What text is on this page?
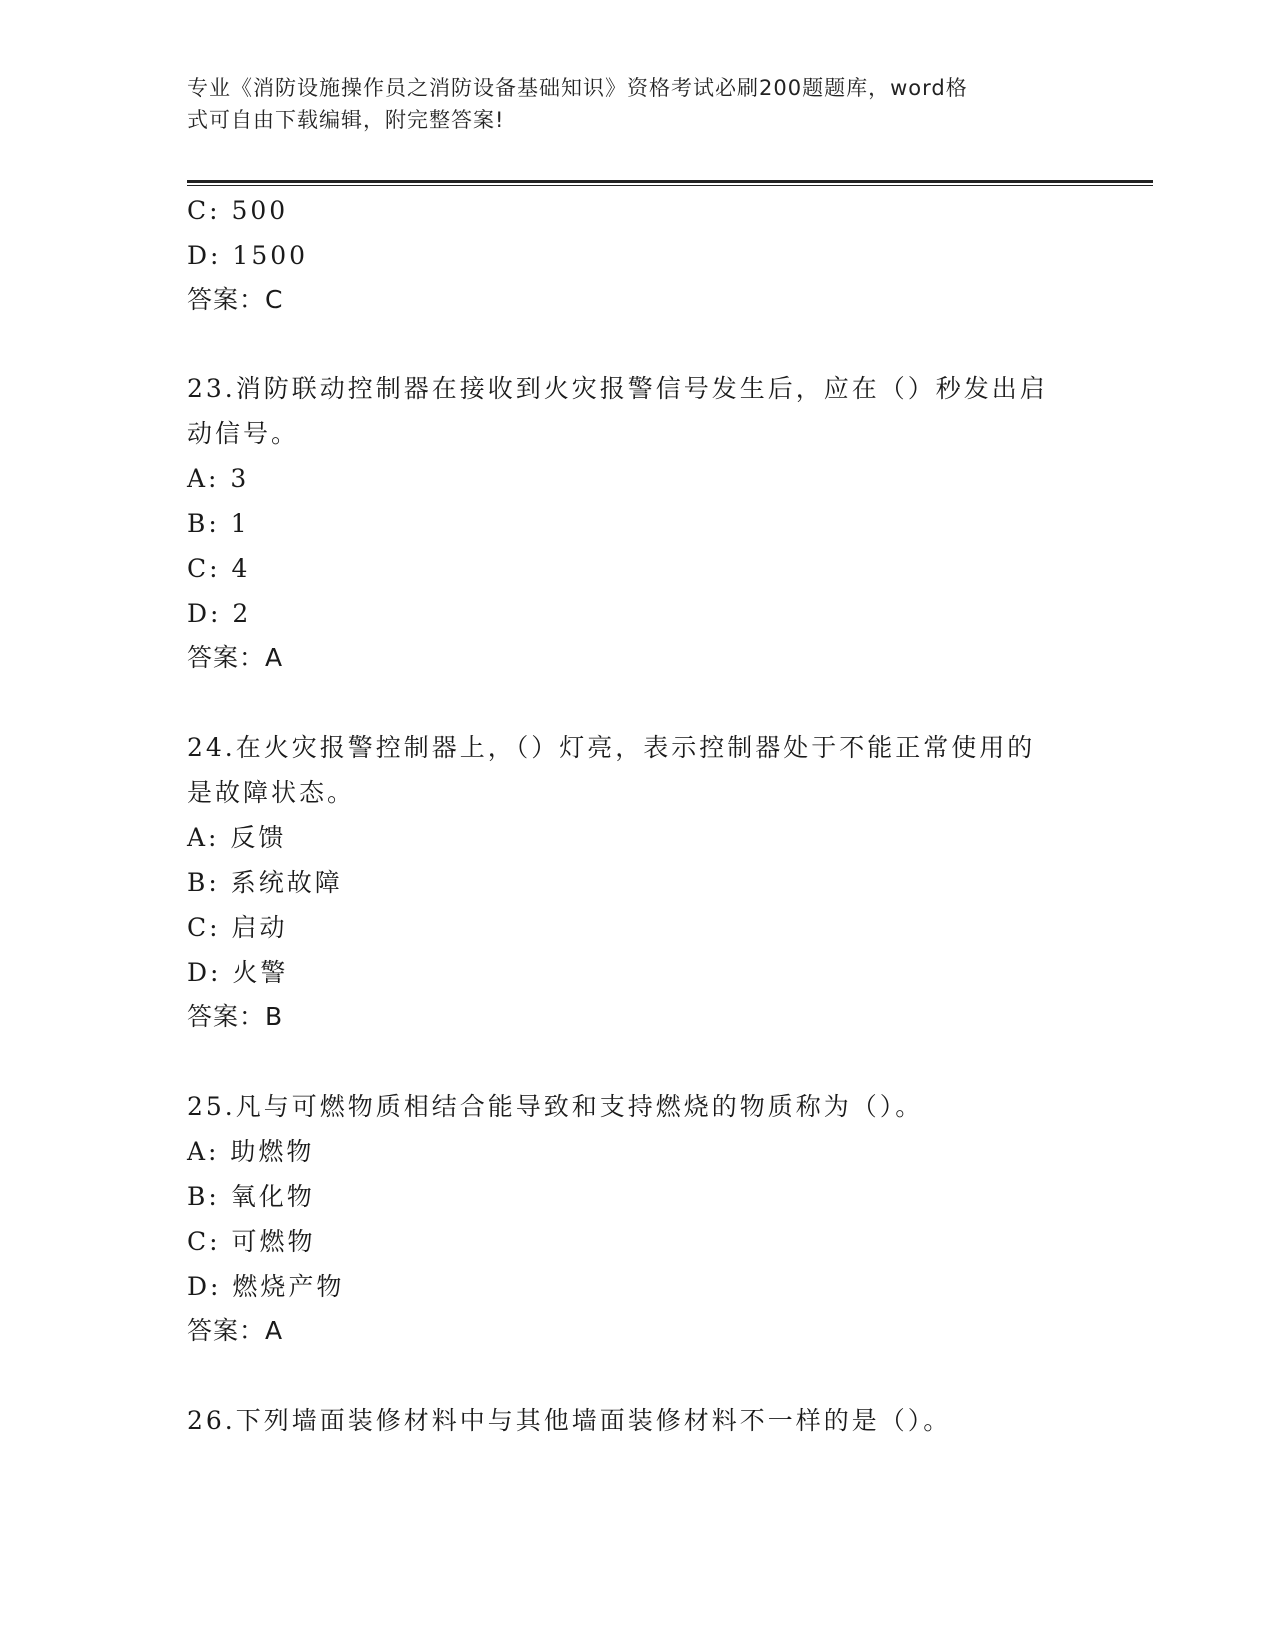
专业《消防设施操作员之消防设备基础知识》资格考试必刷200题题库，word格
式可自由下载编辑，附完整答案!
C: 500
D: 1500
答案：C
23.消防联动控制器在接收到火灾报警信号发生后，应在（）秒发出启
动信号。
A: 3
B: 1
C: 4
D: 2
答案：A
24.在火灾报警控制器上，（）灯亮，表示控制器处于不能正常使用的
是故障状态。
A: 反馈
B: 系统故障
C: 启动
D: 火警
答案：B
25.凡与可燃物质相结合能导致和支持燃烧的物质称为（）。
A: 助燃物
B: 氧化物
C: 可燃物
D: 燃烧产物
答案：A
26.下列墙面装修材料中与其他墙面装修材料不一样的是（）。
